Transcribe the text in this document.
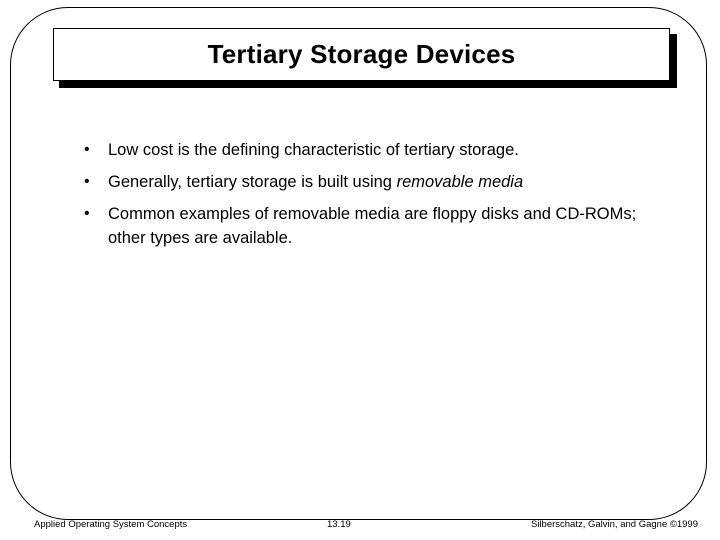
Tertiary Storage Devices
• Low cost is the defining characteristic of tertiary storage.
• Generally, tertiary storage is built using removable media
• Common examples of removable media are floppy disks and CD-ROMs; other types are available.
Applied Operating System Concepts	13.19	Silberschatz, Galvin, and Gagne ©1999
